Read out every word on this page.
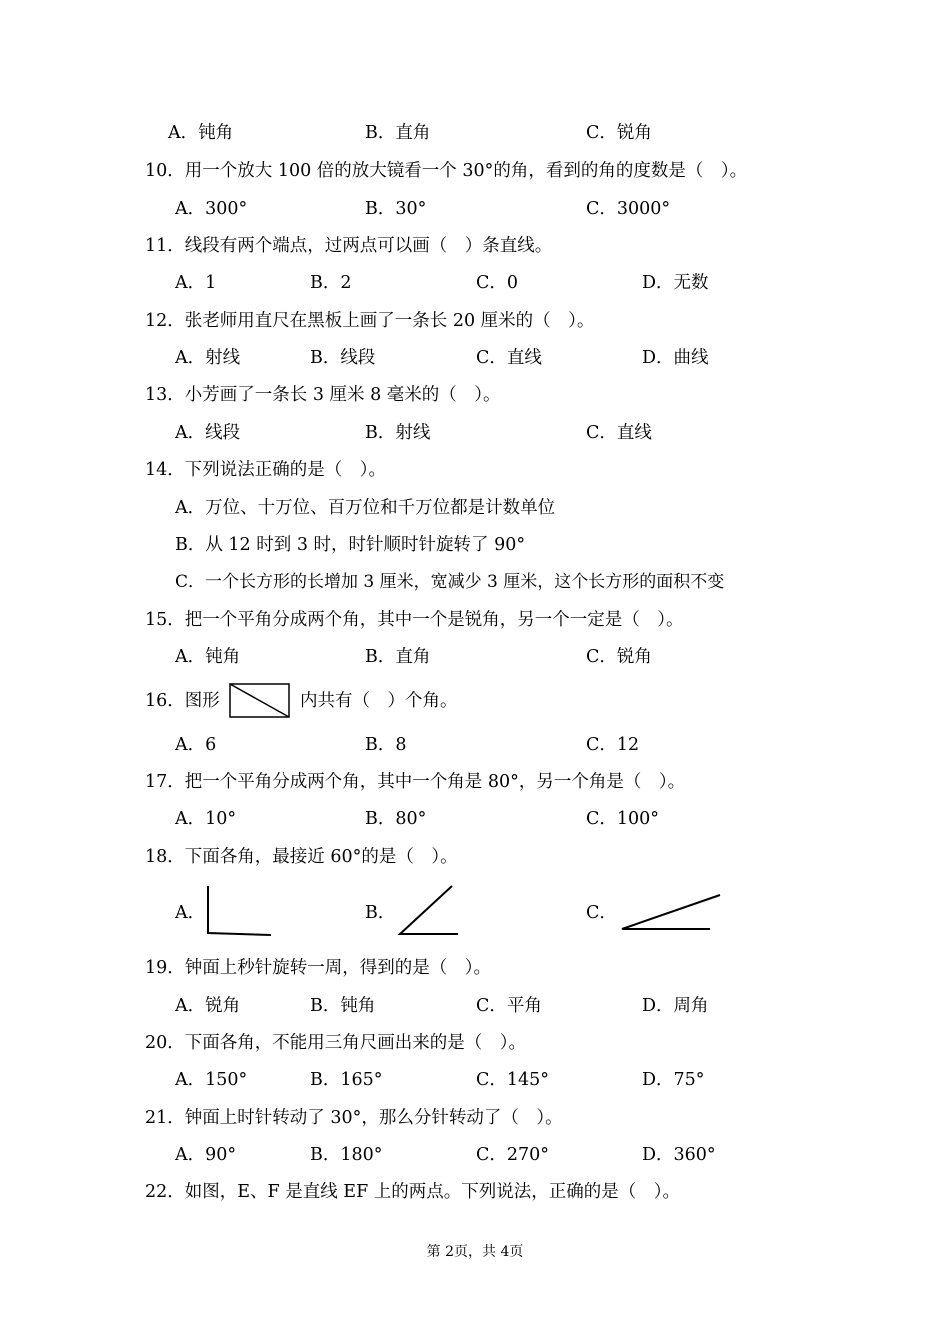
A．钝角	B．直角	C．锐角
10．用一个放大 100 倍的放大镜看一个 30°的角，看到的角的度数是（　）。
A．300°	B．30°	C．3000°
11．线段有两个端点，过两点可以画（　）条直线。
A．1	B．2	C．0	D．无数
12．张老师用直尺在黑板上画了一条长 20 厘米的（　）。
A．射线	B．线段	C．直线	D．曲线
13．小芳画了一条长 3 厘米 8 毫米的（　）。
A．线段	B．射线	C．直线
14．下列说法正确的是（　）。
A．万位、十万位、百万位和千万位都是计数单位
B．从 12 时到 3 时，时针顺时针旋转了 90°
C．一个长方形的长增加 3 厘米，宽减少 3 厘米，这个长方形的面积不变
15．把一个平角分成两个角，其中一个是锐角，另一个一定是（　）。
A．钝角	B．直角	C．锐角
16．图形	内共有（　）个角。
A．6	B．8	C．12
17．把一个平角分成两个角，其中一个角是 80°，另一个角是（　）。
A．10°	B．80°	C．100°
18．下面各角，最接近 60°的是（　）。
A．	B．	C．
19．钟面上秒针旋转一周，得到的是（　）。
A．锐角	B．钝角	C．平角	D．周角
20．下面各角，不能用三角尺画出来的是（　）。
A．150°	B．165°	C．145°	D．75°
21．钟面上时针转动了 30°，那么分针转动了（　）。
A．90°	B．180°	C．270°	D．360°
22．如图，E、F 是直线 EF 上的两点。下列说法，正确的是（　）。
第 2页，共 4页
